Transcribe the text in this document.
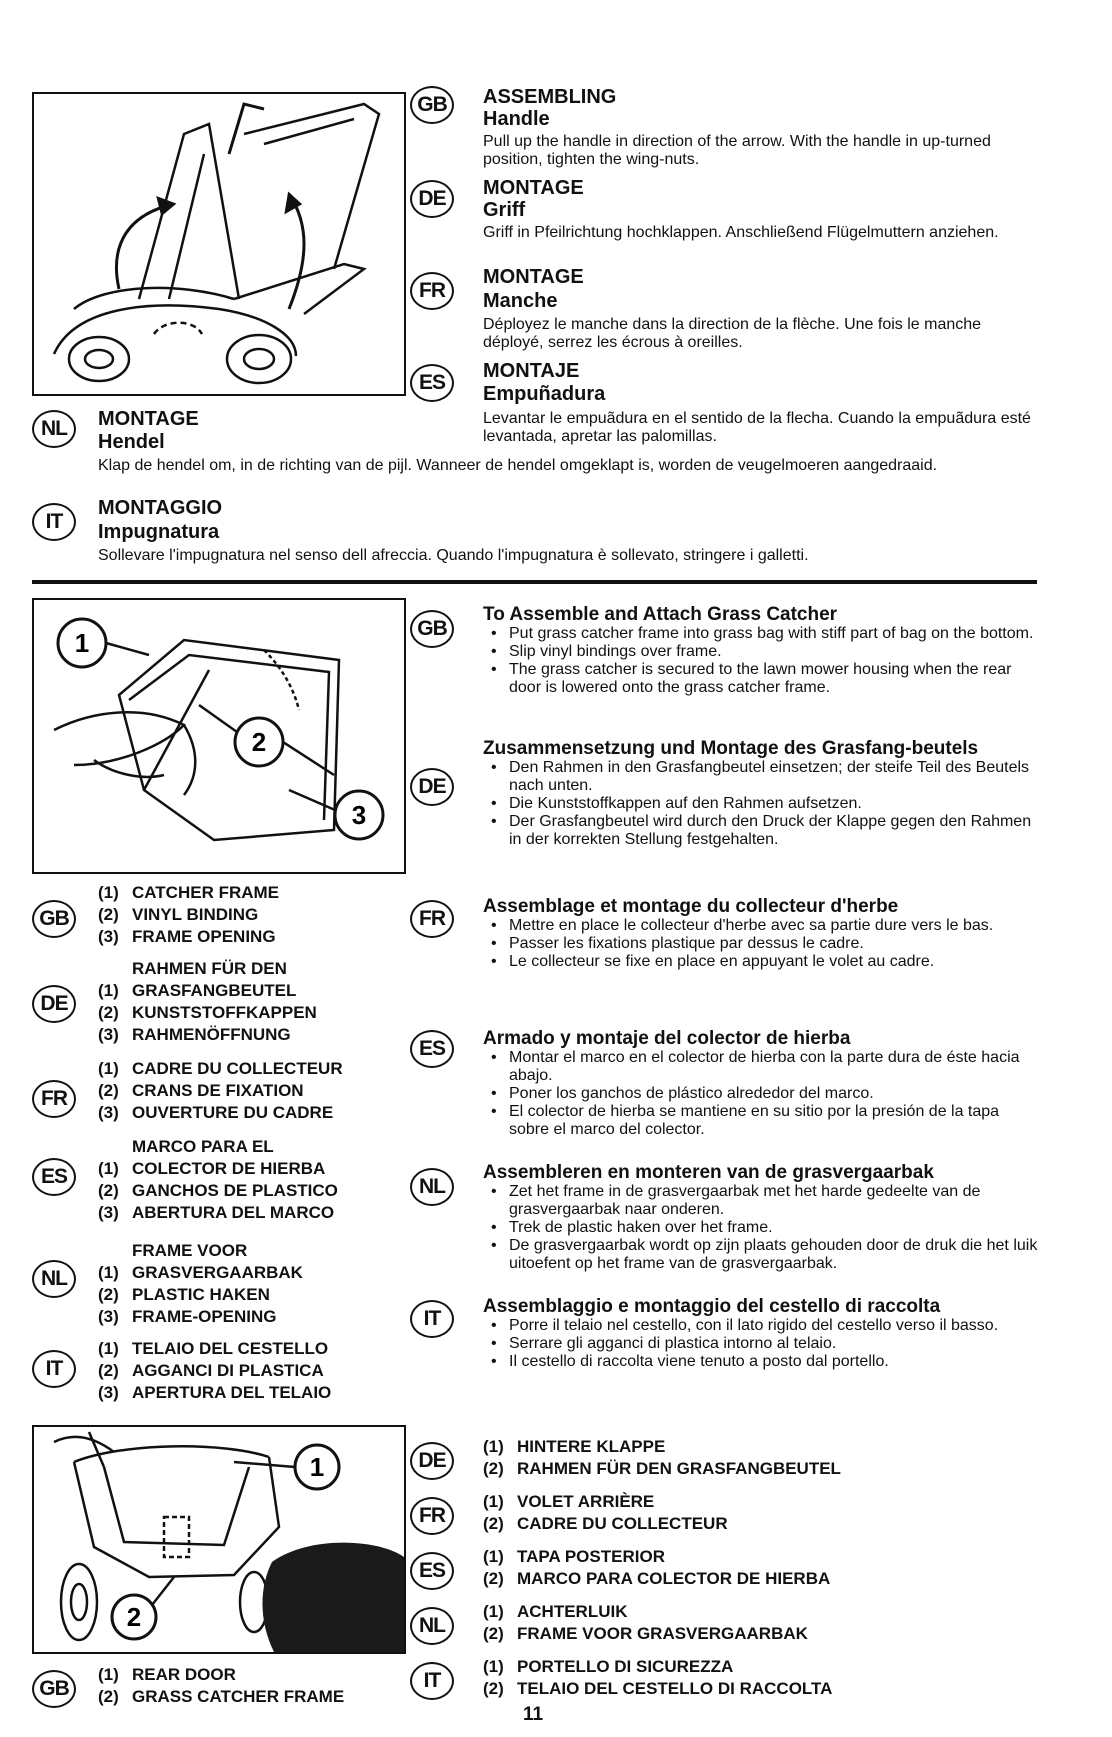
GB	ASSEMBLING
Handle
Pull up the handle in direction of the arrow. With the handle in up-turned position, tighten the wing-nuts.
DE	MONTAGE
Griff
Griff in Pfeilrichtung hochklappen. Anschließend Flügelmuttern anziehen.
FR
MONTAGE
Manche
Déployez le manche dans la direction de la flèche. Une fois le manche déployé, serrez les écrous à oreilles.
ES	MONTAJE
Empuñadura
Levantar le empuãdura en el sentido de la flecha. Cuando la empuãdura esté levantada, apretar las palomillas.
NL	MONTAGE
Hendel
Klap de hendel om, in de richting van de pijl. Wanneer de hendel omgeklapt is, worden de veugelmoeren aangedraaid.
IT
MONTAGGIO
Impugnatura
Sollevare l'impugnatura nel senso dell afreccia. Quando l'impugnatura è sollevato, stringere i galletti.
1
2
3
GB
(1) CATCHER FRAME
(2) VINYL BINDING
(3) FRAME OPENING
DE
(1)RAHMEN FÜR DEN GRASFANGBEUTEL
(2) KUNSTSTOFFKAPPEN
(3) RAHMENÖFFNUNG
FR
(1) CADRE DU COLLECTEUR
(2) CRANS DE FIXATION
(3) OUVERTURE DU CADRE
ES	(1)MARCO PARA EL COLECTOR DE HIERBA
(2) GANCHOS DE PLASTICO
(3) ABERTURA DEL MARCO
NL	(1)FRAME VOOR GRASVERGAARBAK
(2) PLASTIC HAKEN
(3) FRAME-OPENING
IT
(1) TELAIO DEL CESTELLO
(2) AGGANCI DI PLASTICA
(3) APERTURA DEL TELAIO
GB
To Assemble and Attach Grass Catcher
• Put grass catcher frame into grass bag with stiff part of bag on the bottom.
• Slip vinyl bindings over frame.
• The grass catcher is secured to the lawn mower housing when the rear door is lowered onto the grass catcher frame.
DE
Zusammensetzung und Montage des Grasfang-beutels
• Den Rahmen in den Grasfangbeutel einsetzen; der steife Teil des Beutels nach unten.
• Die Kunststoffkappen auf den Rahmen aufsetzen.
• Der Grasfangbeutel wird durch den Druck der Klappe gegen den Rahmen in der korrekten Stellung festgehalten.
FR
Assemblage et montage du collecteur d'herbe
• Mettre en place le collecteur d'herbe avec sa partie dure vers le bas.
• Passer les fixations plastique par dessus le cadre.
• Le collecteur se fixe en place en appuyant le volet au cadre.
ES	Armado y montaje del colector de hierba
• Montar el marco en el colector de hierba con la parte dura de éste hacia abajo.
• Poner los ganchos de plástico alrededor del marco.
• El colector de hierba se mantiene en su sitio por la presión de la tapa sobre el marco del colector.
NL
Assembleren en monteren van de grasvergaarbak
• Zet het frame in de grasvergaarbak met het harde gedeelte van de grasvergaarbak naar onderen.
• Trek de plastic haken over het frame.
• De grasvergaarbak wordt op zijn plaats gehouden door de druk die het luik uitoefent op het frame van de grasvergaarbak.
IT
Assemblaggio e montaggio del cestello di raccolta
• Porre il telaio nel cestello, con il lato rigido del cestello verso il basso.
• Serrare gli agganci di plastica intorno al telaio.
• Il cestello di raccolta viene tenuto a posto dal portello.
1
2
GB
(1) REAR DOOR
(2) GRASS CATCHER FRAME
DE
(1) HINTERE KLAPPE
(2) RAHMEN FÜR DEN GRASFANGBEUTEL
FR
(1) VOLET ARRIÈRE
(2) CADRE DU COLLECTEUR
ES
(1) TAPA POSTERIOR
(2) MARCO PARA COLECTOR DE HIERBA
NL
(1) ACHTERLUIK
(2) FRAME VOOR GRASVERGAARBAK
IT
(1) PORTELLO DI SICUREZZA
(2) TELAIO DEL CESTELLO DI RACCOLTA
11
